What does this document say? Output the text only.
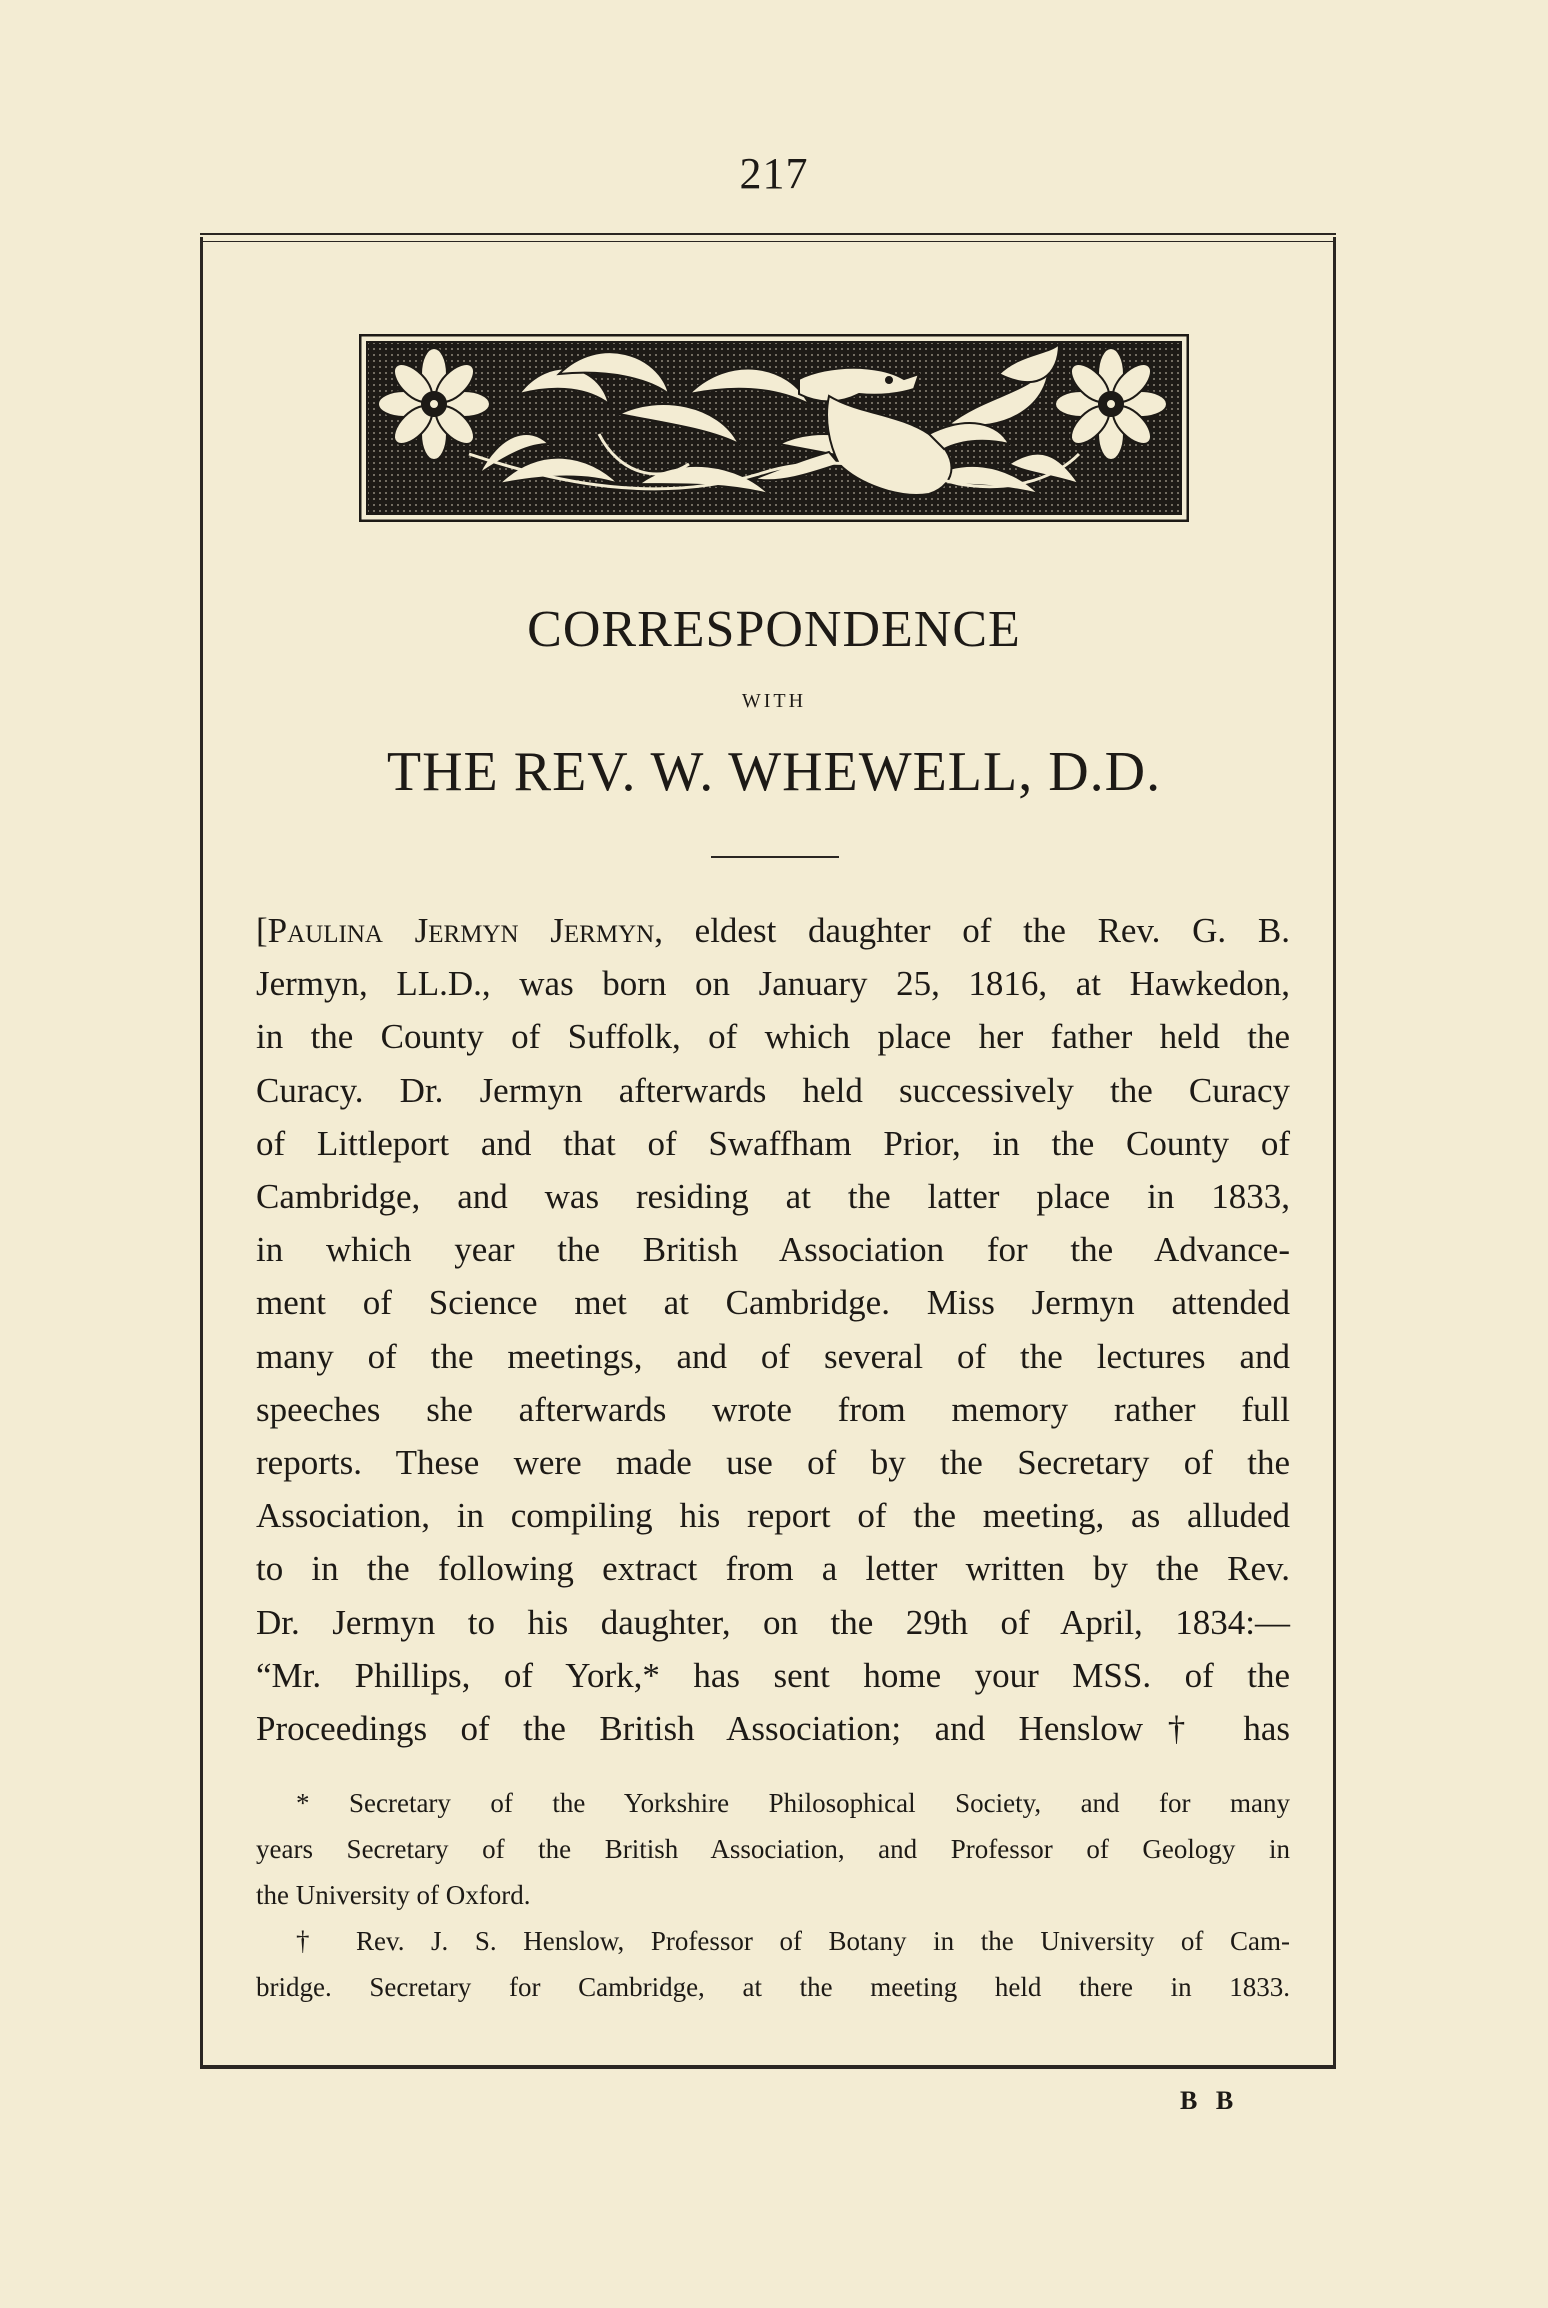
217
CORRESPONDENCE
WITH
THE REV. W. WHEWELL, D.D.
[Paulina Jermyn Jermyn, eldest daughter of the Rev. G. B.
Jermyn, LL.D., was born on January 25, 1816, at Hawkedon,
in the County of Suffolk, of which place her father held the
Curacy. Dr. Jermyn afterwards held successively the Curacy
of Littleport and that of Swaffham Prior, in the County of
Cambridge, and was residing at the latter place in 1833,
in which year the British Association for the Advance-
ment of Science met at Cambridge. Miss Jermyn attended
many of the meetings, and of several of the lectures and
speeches she afterwards wrote from memory rather full
reports. These were made use of by the Secretary of the
Association, in compiling his report of the meeting, as alluded
to in the following extract from a letter written by the Rev.
Dr. Jermyn to his daughter, on the 29th of April, 1834:—
“Mr. Phillips, of York,* has sent home your MSS. of the
Proceedings of the British Association; and Henslow† has
* Secretary of the Yorkshire Philosophical Society, and for many
years Secretary of the British Association, and Professor of Geology in
the University of Oxford.
† Rev. J. S. Henslow, Professor of Botany in the University of Cam-
bridge. Secretary for Cambridge, at the meeting held there in 1833.
B B
